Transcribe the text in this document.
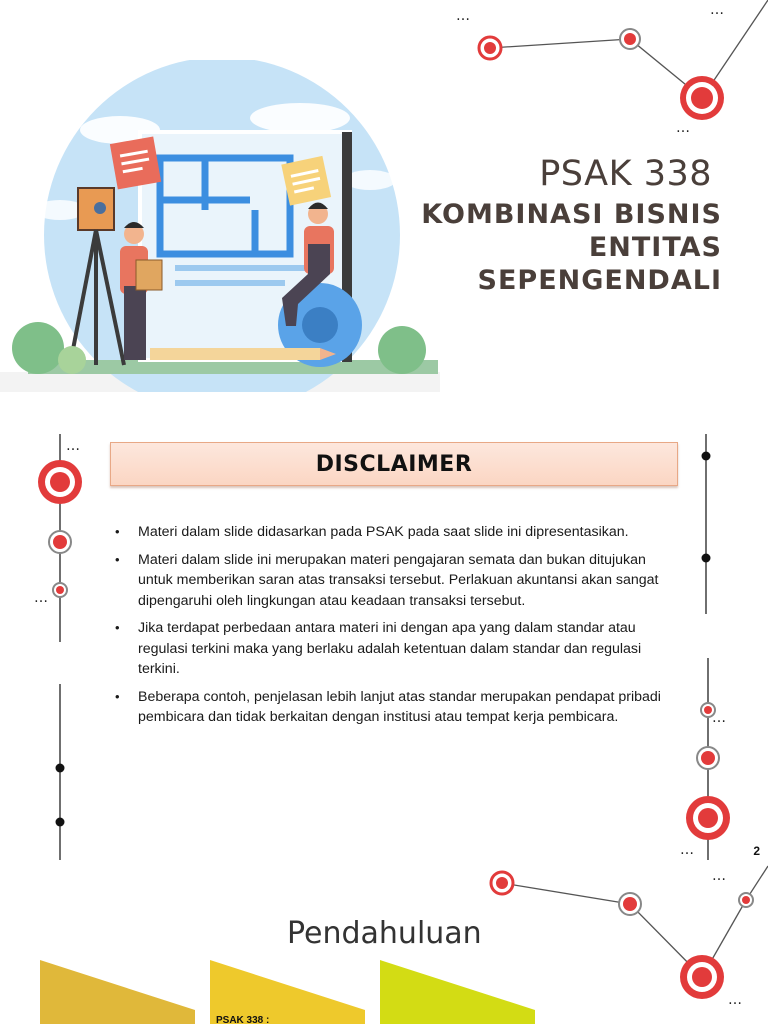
…	…
…
PSAK 338
KOMBINASI BISNIS ENTITAS SEPENGENDALI
…
…
…
…
DISCLAIMER
• Materi dalam slide didasarkan pada PSAK pada saat slide ini dipresentasikan.
• Materi dalam slide ini merupakan materi pengajaran semata dan bukan ditujukan untuk memberikan saran atas transaksi tersebut. Perlakuan akuntansi akan sangat dipengaruhi oleh lingkungan atau keadaan transaksi tersebut.
• Jika terdapat perbedaan antara materi ini dengan apa yang dalam standar atau regulasi terkini maka yang berlaku adalah ketentuan dalam standar dan regulasi terkini.
• Beberapa contoh, penjelasan lebih lanjut atas standar merupakan pendapat pribadi pembicara dan tidak berkaitan dengan institusi atau tempat kerja pembicara.
2
…
…
Pendahuluan
PSAK 338 :
